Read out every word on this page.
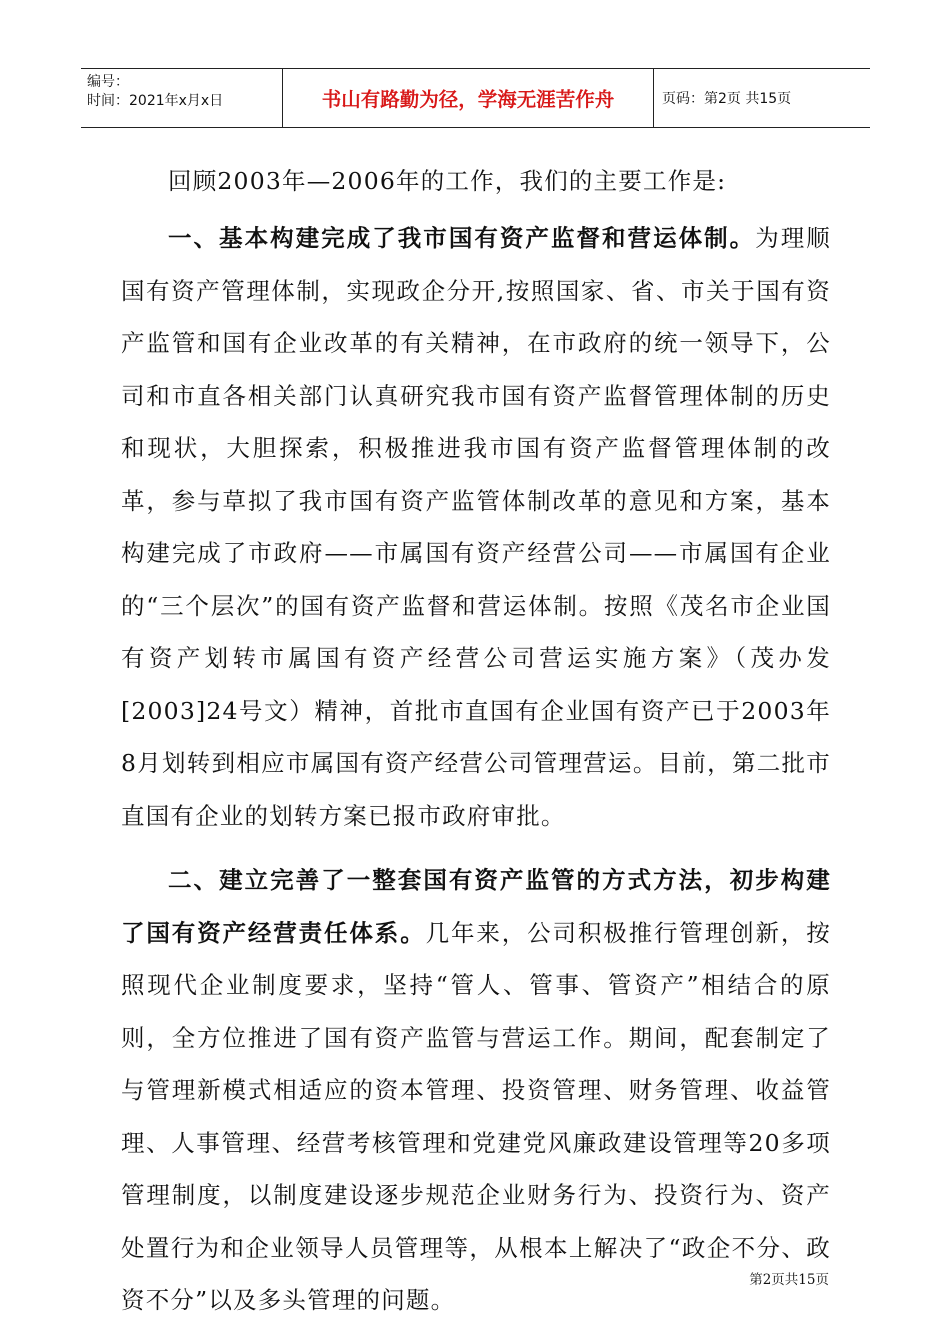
编号：
时间：2021年x月x日	书山有路勤为径，学海无涯苦作舟	页码：第2页 共15页

回顾2003年—2006年的工作，我们的主要工作是:

一、基本构建完成了我市国有资产监督和营运体制。为理顺国有资产管理体制，实现政企分开,按照国家、省、市关于国有资产监管和国有企业改革的有关精神，在市政府的统一领导下，公司和市直各相关部门认真研究我市国有资产监督管理体制的历史和现状，大胆探索，积极推进我市国有资产监督管理体制的改革，参与草拟了我市国有资产监管体制改革的意见和方案，基本构建完成了市政府——市属国有资产经营公司——市属国有企业的“三个层次”的国有资产监督和营运体制。按照《茂名市企业国有资产划转市属国有资产经营公司营运实施方案》（茂办发[2003]24号文）精神，首批市直国有企业国有资产已于2003年8月划转到相应市属国有资产经营公司管理营运。目前，第二批市直国有企业的划转方案已报市政府审批。

二、建立完善了一整套国有资产监管的方式方法，初步构建了国有资产经营责任体系。几年来，公司积极推行管理创新，按照现代企业制度要求，坚持“管人、管事、管资产”相结合的原则，全方位推进了国有资产监管与营运工作。期间，配套制定了与管理新模式相适应的资本管理、投资管理、财务管理、收益管理、人事管理、经营考核管理和党建党风廉政建设管理等20多项管理制度，以制度建设逐步规范企业财务行为、投资行为、资产处置行为和企业领导人员管理等，从根本上解决了“政企不分、政资不分”以及多头管理的问题。

第2页共15页
